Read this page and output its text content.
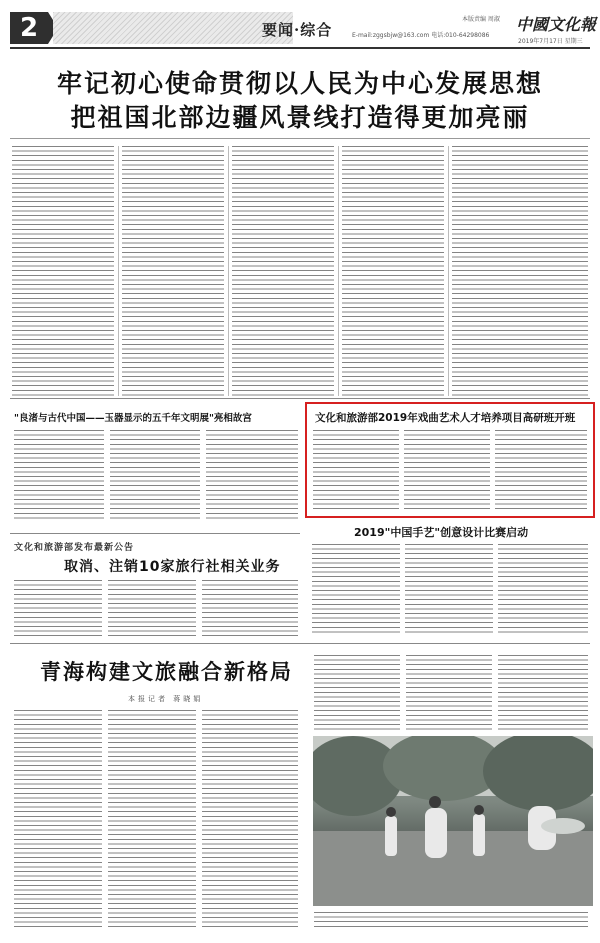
2	要闻·综合
本版责编 周淑
E-mail:zggsbjw@163.com 电话:010-64298086
中國文化報
2019年7月17日 星期三
牢记初心使命贯彻以人民为中心发展思想
把祖国北部边疆风景线打造得更加亮丽
"良渚与古代中国——玉器显示的五千年文明展"亮相故宫	文化和旅游部2019年戏曲艺术人才培养项目高研班开班
2019"中国手艺"创意设计比赛启动
文化和旅游部发布最新公告
取消、注销10家旅行社相关业务
青海构建文旅融合新格局
本报记者 蒋晓娟
